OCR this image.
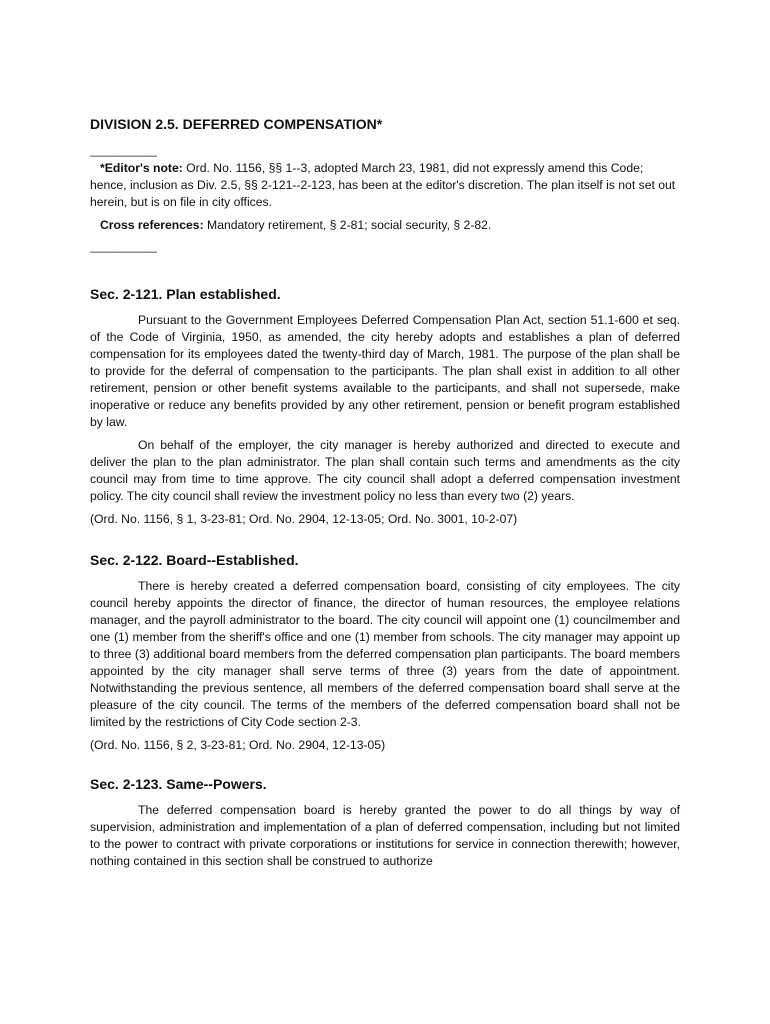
DIVISION 2.5. DEFERRED COMPENSATION*
__________

*Editor's note: Ord. No. 1156, §§ 1--3, adopted March 23, 1981, did not expressly amend this Code; hence, inclusion as Div. 2.5, §§ 2-121--2-123, has been at the editor's discretion. The plan itself is not set out herein, but is on file in city offices.

Cross references: Mandatory retirement, § 2-81; social security, § 2-82.

__________
Sec. 2-121. Plan established.

Pursuant to the Government Employees Deferred Compensation Plan Act, section 51.1-600 et seq. of the Code of Virginia, 1950, as amended, the city hereby adopts and establishes a plan of deferred compensation for its employees dated the twenty-third day of March, 1981. The purpose of the plan shall be to provide for the deferral of compensation to the participants. The plan shall exist in addition to all other retirement, pension or other benefit systems available to the participants, and shall not supersede, make inoperative or reduce any benefits provided by any other retirement, pension or benefit program established by law.

On behalf of the employer, the city manager is hereby authorized and directed to execute and deliver the plan to the plan administrator. The plan shall contain such terms and amendments as the city council may from time to time approve. The city council shall adopt a deferred compensation investment policy. The city council shall review the investment policy no less than every two (2) years.

(Ord. No. 1156, § 1, 3-23-81; Ord. No. 2904, 12-13-05; Ord. No. 3001, 10-2-07)

Sec. 2-122. Board--Established.

There is hereby created a deferred compensation board, consisting of city employees. The city council hereby appoints the director of finance, the director of human resources, the employee relations manager, and the payroll administrator to the board. The city council will appoint one (1) councilmember and one (1) member from the sheriff's office and one (1) member from schools. The city manager may appoint up to three (3) additional board members from the deferred compensation plan participants. The board members appointed by the city manager shall serve terms of three (3) years from the date of appointment. Notwithstanding the previous sentence, all members of the deferred compensation board shall serve at the pleasure of the city council. The terms of the members of the deferred compensation board shall not be limited by the restrictions of City Code section 2-3.

(Ord. No. 1156, § 2, 3-23-81; Ord. No. 2904, 12-13-05)

Sec. 2-123. Same--Powers.

The deferred compensation board is hereby granted the power to do all things by way of supervision, administration and implementation of a plan of deferred compensation, including but not limited to the power to contract with private corporations or institutions for service in connection therewith; however, nothing contained in this section shall be construed to authorize
